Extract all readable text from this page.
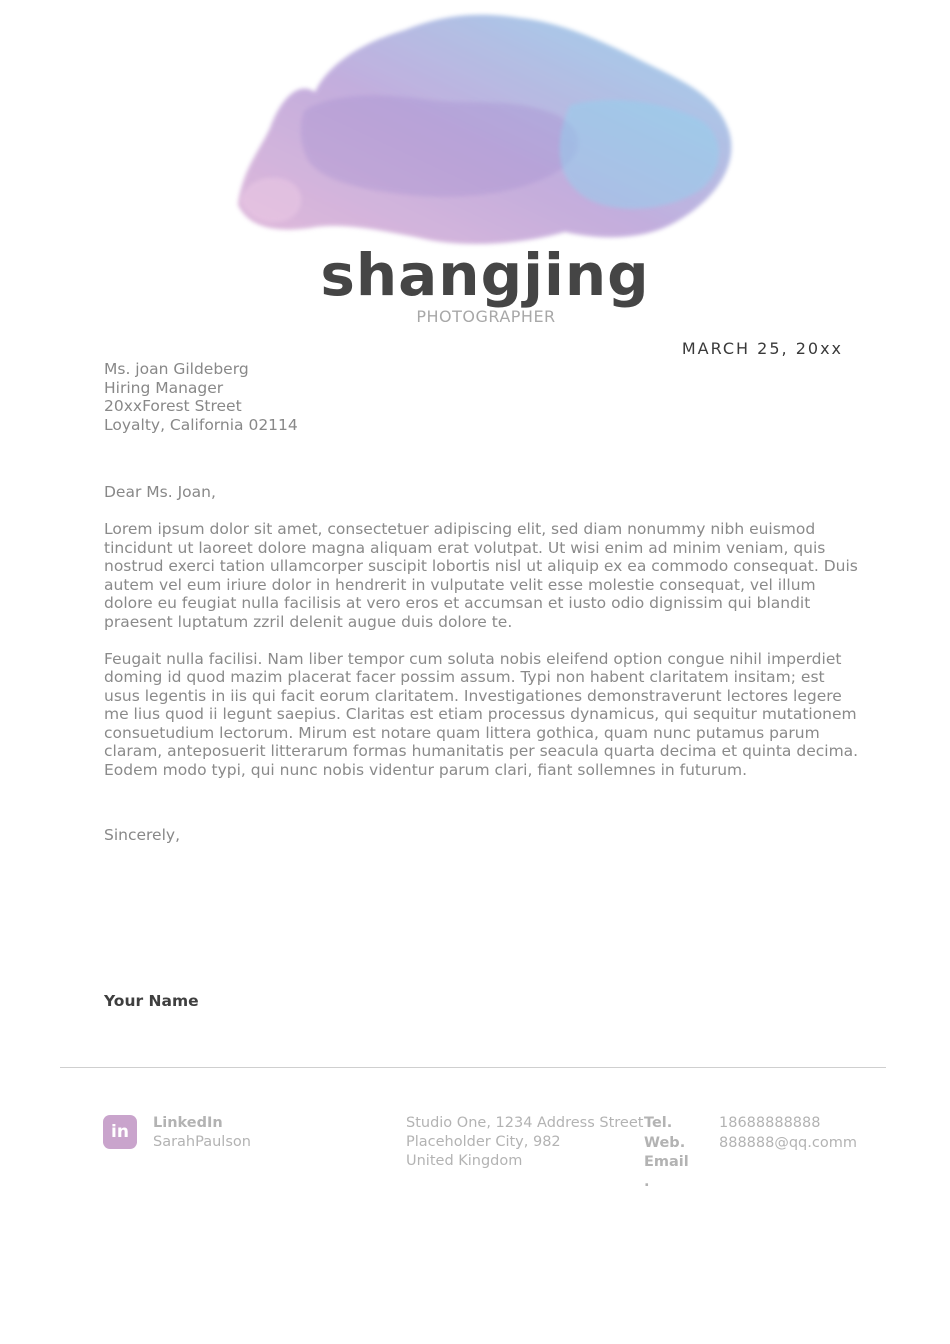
shangjing
PHOTOGRAPHER
MARCH 25, 20xx
Ms. joan Gildeberg
Hiring Manager
20xxForest Street
Loyalty, California 02114
Dear Ms. Joan,

Lorem ipsum dolor sit amet, consectetuer adipiscing elit, sed diam nonummy nibh euismod tincidunt ut laoreet dolore magna aliquam erat volutpat. Ut wisi enim ad minim veniam, quis nostrud exerci tation ullamcorper suscipit lobortis nisl ut aliquip ex ea commodo consequat. Duis autem vel eum iriure dolor in hendrerit in vulputate velit esse molestie consequat, vel illum dolore eu feugiat nulla facilisis at vero eros et accumsan et iusto odio dignissim qui blandit praesent luptatum zzril delenit augue duis dolore te.

Feugait nulla facilisi. Nam liber tempor cum soluta nobis eleifend option congue nihil imperdiet doming id quod mazim placerat facer possim assum. Typi non habent claritatem insitam; est usus legentis in iis qui facit eorum claritatem. Investigationes demonstraverunt lectores legere me lius quod ii legunt saepius. Claritas est etiam processus dynamicus, qui sequitur mutationem consuetudium lectorum. Mirum est notare quam littera gothica, quam nunc putamus parum claram, anteposuerit litterarum formas humanitatis per seacula quarta decima et quinta decima. Eodem modo typi, qui nunc nobis videntur parum clari, fiant sollemnes in futurum.

Sincerely,
Your Name
in	LinkedIn
SarahPaulson
Studio One, 1234 Address Street
Placeholder City, 982
United Kingdom
Tel.
Web.
Email
.
18688888888
888888@qq.comm
